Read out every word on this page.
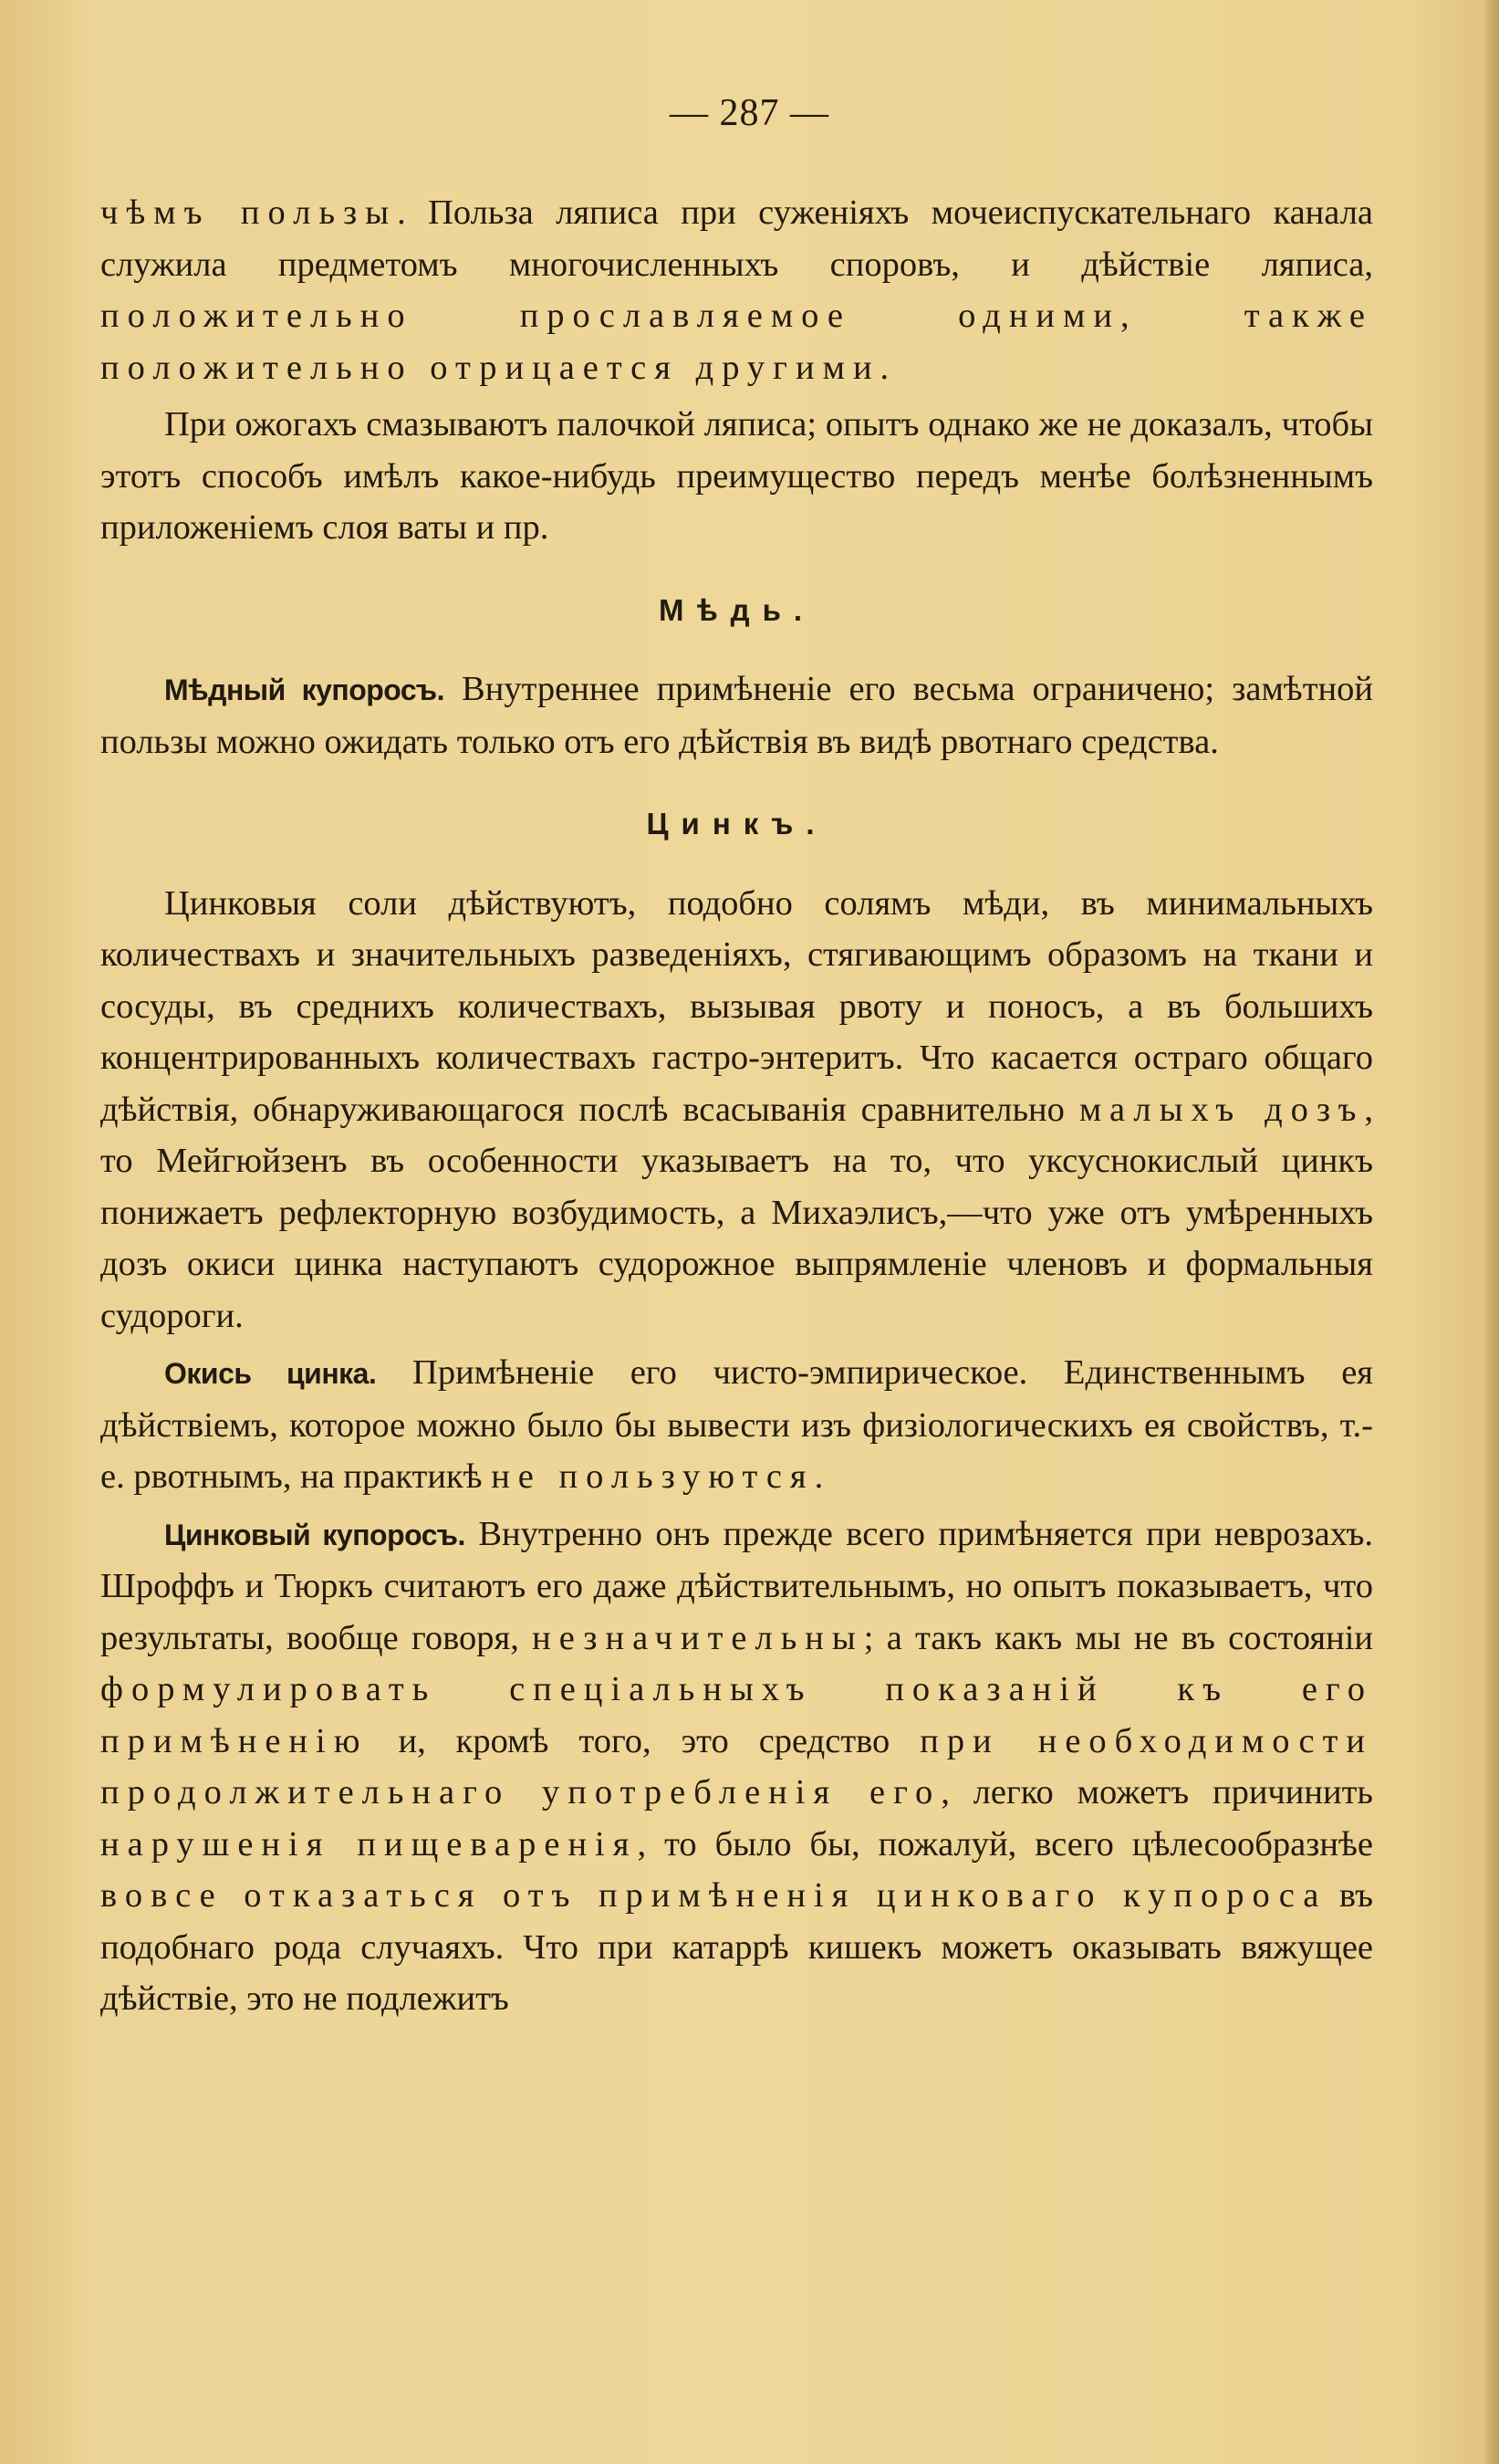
— 287 —

чѣмъ пользы. Польза ляписа при суженіяхъ мочеиспускательнаго канала служила предметомъ многочисленныхъ споровъ, и дѣйствіе ляписа, положительно прославляемое одними, также положительно отрицается другими.

При ожогахъ смазываютъ палочкой ляписа; опытъ однако же не доказалъ, чтобы этотъ способъ имѣлъ какое-нибудь преимущество передъ менѣе болѣзненнымъ приложеніемъ слоя ваты и пр.

Мѣдь.

Мѣдный купоросъ. Внутреннее примѣненіе его весьма ограничено; замѣтной пользы можно ожидать только отъ его дѣйствія въ видѣ рвотнаго средства.

Цинкъ.

Цинковыя соли дѣйствуютъ, подобно солямъ мѣди, въ минимальныхъ количествахъ и значительныхъ разведеніяхъ, стягивающимъ образомъ на ткани и сосуды, въ среднихъ количествахъ, вызывая рвоту и поносъ, а въ большихъ концентрированныхъ количествахъ гастро-энтеритъ. Что касается остраго общаго дѣйствія, обнаруживающагося послѣ всасыванія сравнительно малыхъ дозъ, то Мейгюйзенъ въ особенности указываетъ на то, что уксуснокислый цинкъ понижаетъ рефлекторную возбудимость, а Михаэлисъ,—что уже отъ умѣренныхъ дозъ окиси цинка наступаютъ судорожное выпрямленіе членовъ и формальныя судороги.

Окись цинка. Примѣненіе его чисто-эмпирическое. Единственнымъ ея дѣйствіемъ, которое можно было бы вывести изъ физіологическихъ ея свойствъ, т.-е. рвотнымъ, на практикѣ не пользуются.

Цинковый купоросъ. Внутренно онъ прежде всего примѣняется при неврозахъ. Шроффъ и Тюркъ считаютъ его даже дѣйствительнымъ, но опытъ показываетъ, что результаты, вообще говоря, незначительны; а такъ какъ мы не въ состояніи формулировать спеціальныхъ показаній къ его примѣненію и, кромѣ того, это средство при необходимости продолжительнаго употребленія его, легко можетъ причинить нарушенія пищеваренія, то было бы, пожалуй, всего цѣлесообразнѣе вовсе отказаться отъ примѣненія цинковаго купороса въ подобнаго рода случаяхъ. Что при катаррѣ кишекъ можетъ оказывать вяжущее дѣйствіе, это не подлежитъ
